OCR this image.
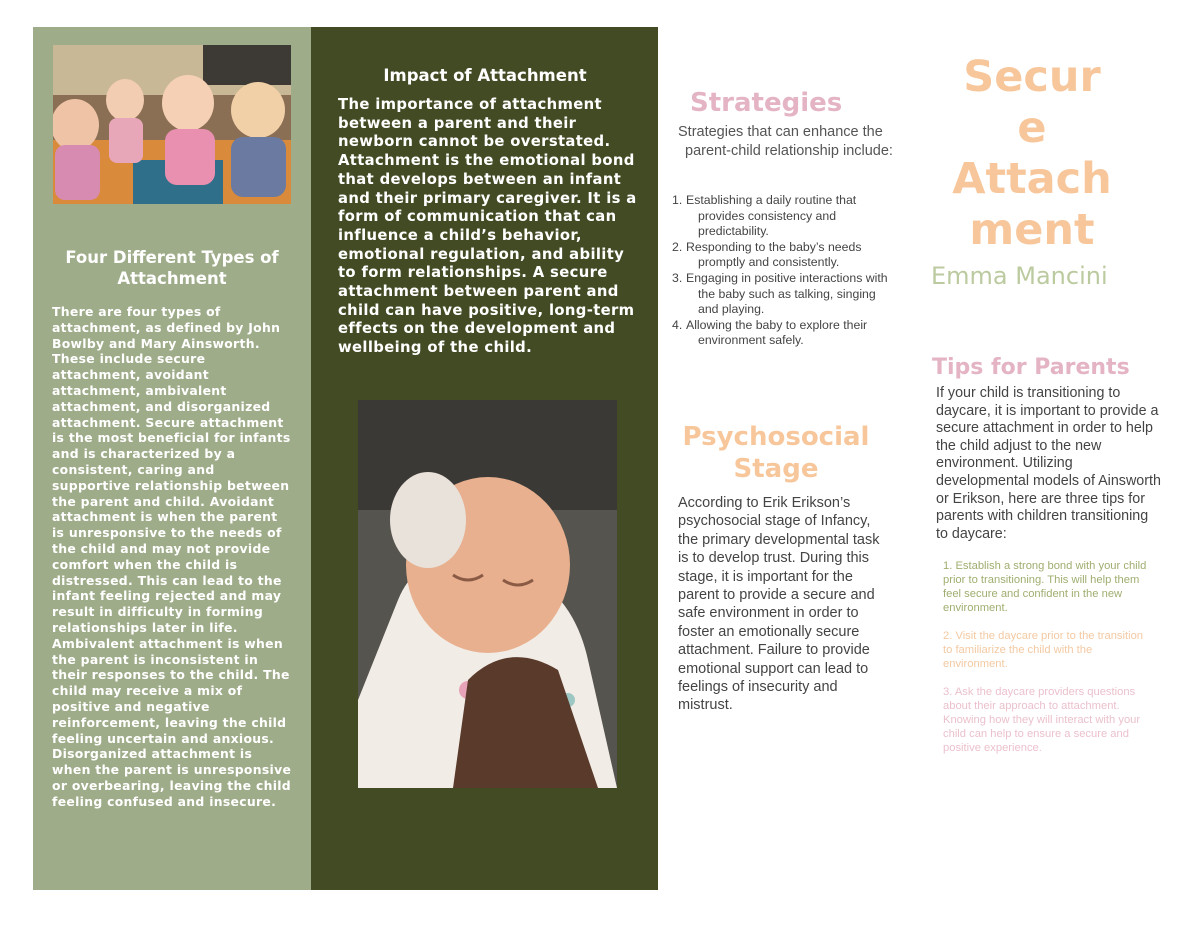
Four Different Types of Attachment

There are four types of attachment, as defined by John Bowlby and Mary Ainsworth. These include secure attachment, avoidant attachment, ambivalent attachment, and disorganized attachment. Secure attachment is the most beneficial for infants and is characterized by a consistent, caring and supportive relationship between the parent and child. Avoidant attachment is when the parent is unresponsive to the needs of the child and may not provide comfort when the child is distressed. This can lead to the infant feeling rejected and may result in difficulty in forming relationships later in life. Ambivalent attachment is when the parent is inconsistent in their responses to the child. The child may receive a mix of positive and negative reinforcement, leaving the child feeling uncertain and anxious. Disorganized attachment is when the parent is unresponsive or overbearing, leaving the child feeling confused and insecure.

Impact of Attachment

The importance of attachment between a parent and their newborn cannot be overstated. Attachment is the emotional bond that develops between an infant and their primary caregiver. It is a form of communication that can influence a child’s behavior, emotional regulation, and ability to form relationships. A secure attachment between parent and child can have positive, long-term effects on the development and wellbeing of the child.

Strategies

Strategies that can enhance the parent-child relationship include:

1. Establishing a daily routine that provides consistency and predictability.
2. Responding to the baby’s needs promptly and consistently.
3. Engaging in positive interactions with the baby such as talking, singing and playing.
4. Allowing the baby to explore their environment safely.
Psychosocial
Stage

According to Erik Erikson’s psychosocial stage of Infancy, the primary developmental task is to develop trust. During this stage, it is important for the parent to provide a secure and safe environment in order to foster an emotionally secure attachment. Failure to provide emotional support can lead to feelings of insecurity and mistrust.

Secur
e
Attach
ment
Emma Mancini
Tips for Parents

If your child is transitioning to daycare, it is important to provide a secure attachment in order to help the child adjust to the new environment. Utilizing developmental models of Ainsworth or Erikson, here are three tips for parents with children transitioning to daycare:

1. Establish a strong bond with your child prior to transitioning. This will help them feel secure and confident in the new environment.

2. Visit the daycare prior to the transition to familiarize the child with the environment.

3. Ask the daycare providers questions about their approach to attachment. Knowing how they will interact with your child can help to ensure a secure and positive experience.
